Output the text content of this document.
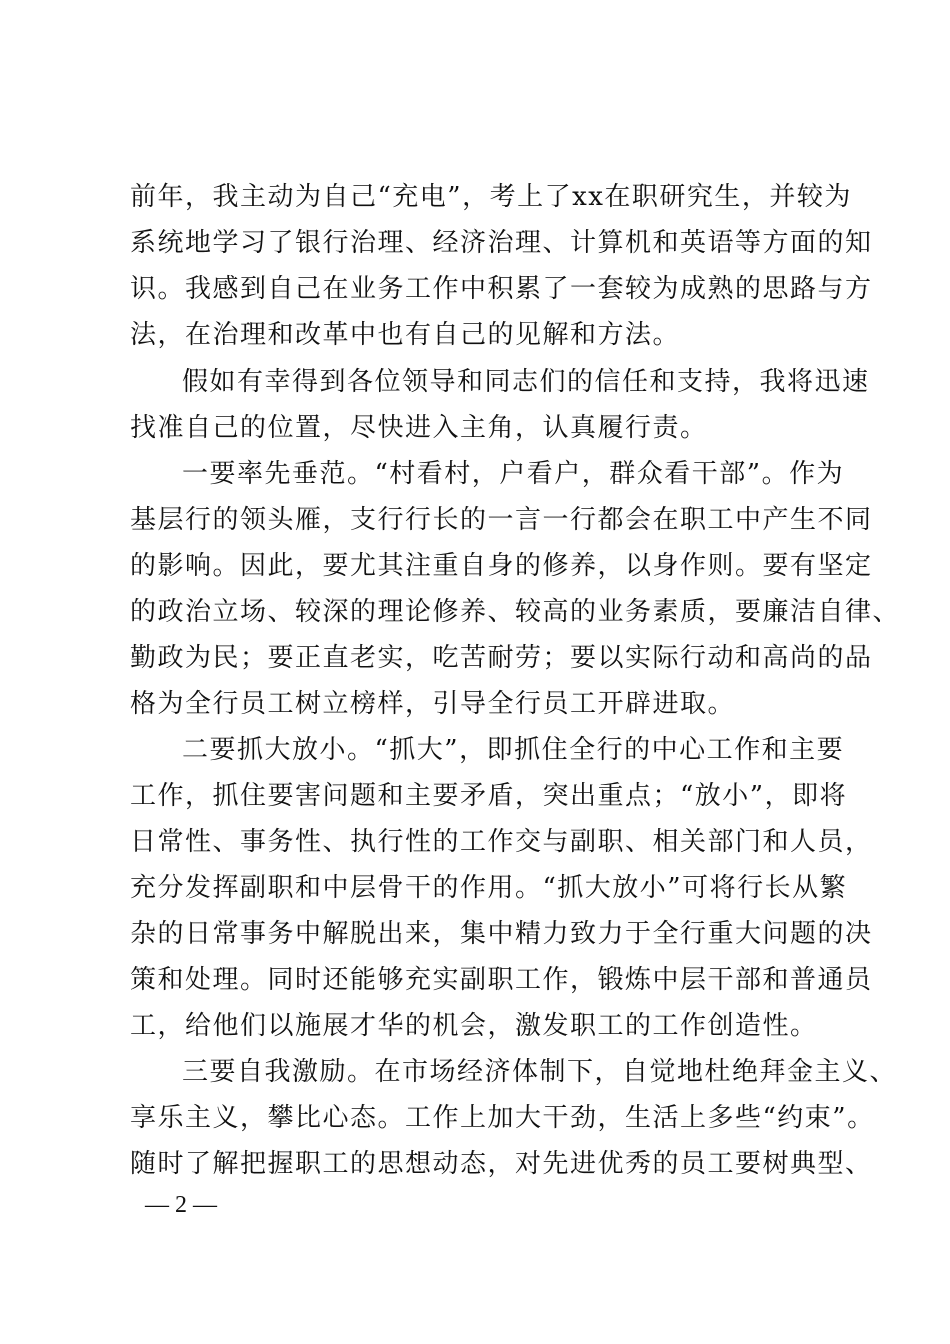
前年，我主动为自己“充电”，考上了xx在职研究生，并较为
系统地学习了银行治理、经济治理、计算机和英语等方面的知
识。我感到自己在业务工作中积累了一套较为成熟的思路与方
法，在治理和改革中也有自己的见解和方法。
假如有幸得到各位领导和同志们的信任和支持，我将迅速
找准自己的位置，尽快进入主角，认真履行责。
一要率先垂范。“村看村，户看户，群众看干部”。作为
基层行的领头雁，支行行长的一言一行都会在职工中产生不同
的影响。因此，要尤其注重自身的修养，以身作则。要有坚定
的政治立场、较深的理论修养、较高的业务素质，要廉洁自律、
勤政为民；要正直老实，吃苦耐劳；要以实际行动和高尚的品
格为全行员工树立榜样，引导全行员工开辟进取。
二要抓大放小。“抓大”，即抓住全行的中心工作和主要
工作，抓住要害问题和主要矛盾，突出重点；“放小”，即将
日常性、事务性、执行性的工作交与副职、相关部门和人员，
充分发挥副职和中层骨干的作用。“抓大放小”可将行长从繁
杂的日常事务中解脱出来，集中精力致力于全行重大问题的决
策和处理。同时还能够充实副职工作，锻炼中层干部和普通员
工，给他们以施展才华的机会，激发职工的工作创造性。
三要自我激励。在市场经济体制下，自觉地杜绝拜金主义、
享乐主义，攀比心态。工作上加大干劲，生活上多些“约束”。
随时了解把握职工的思想动态，对先进优秀的员工要树典型、
— 2 —
